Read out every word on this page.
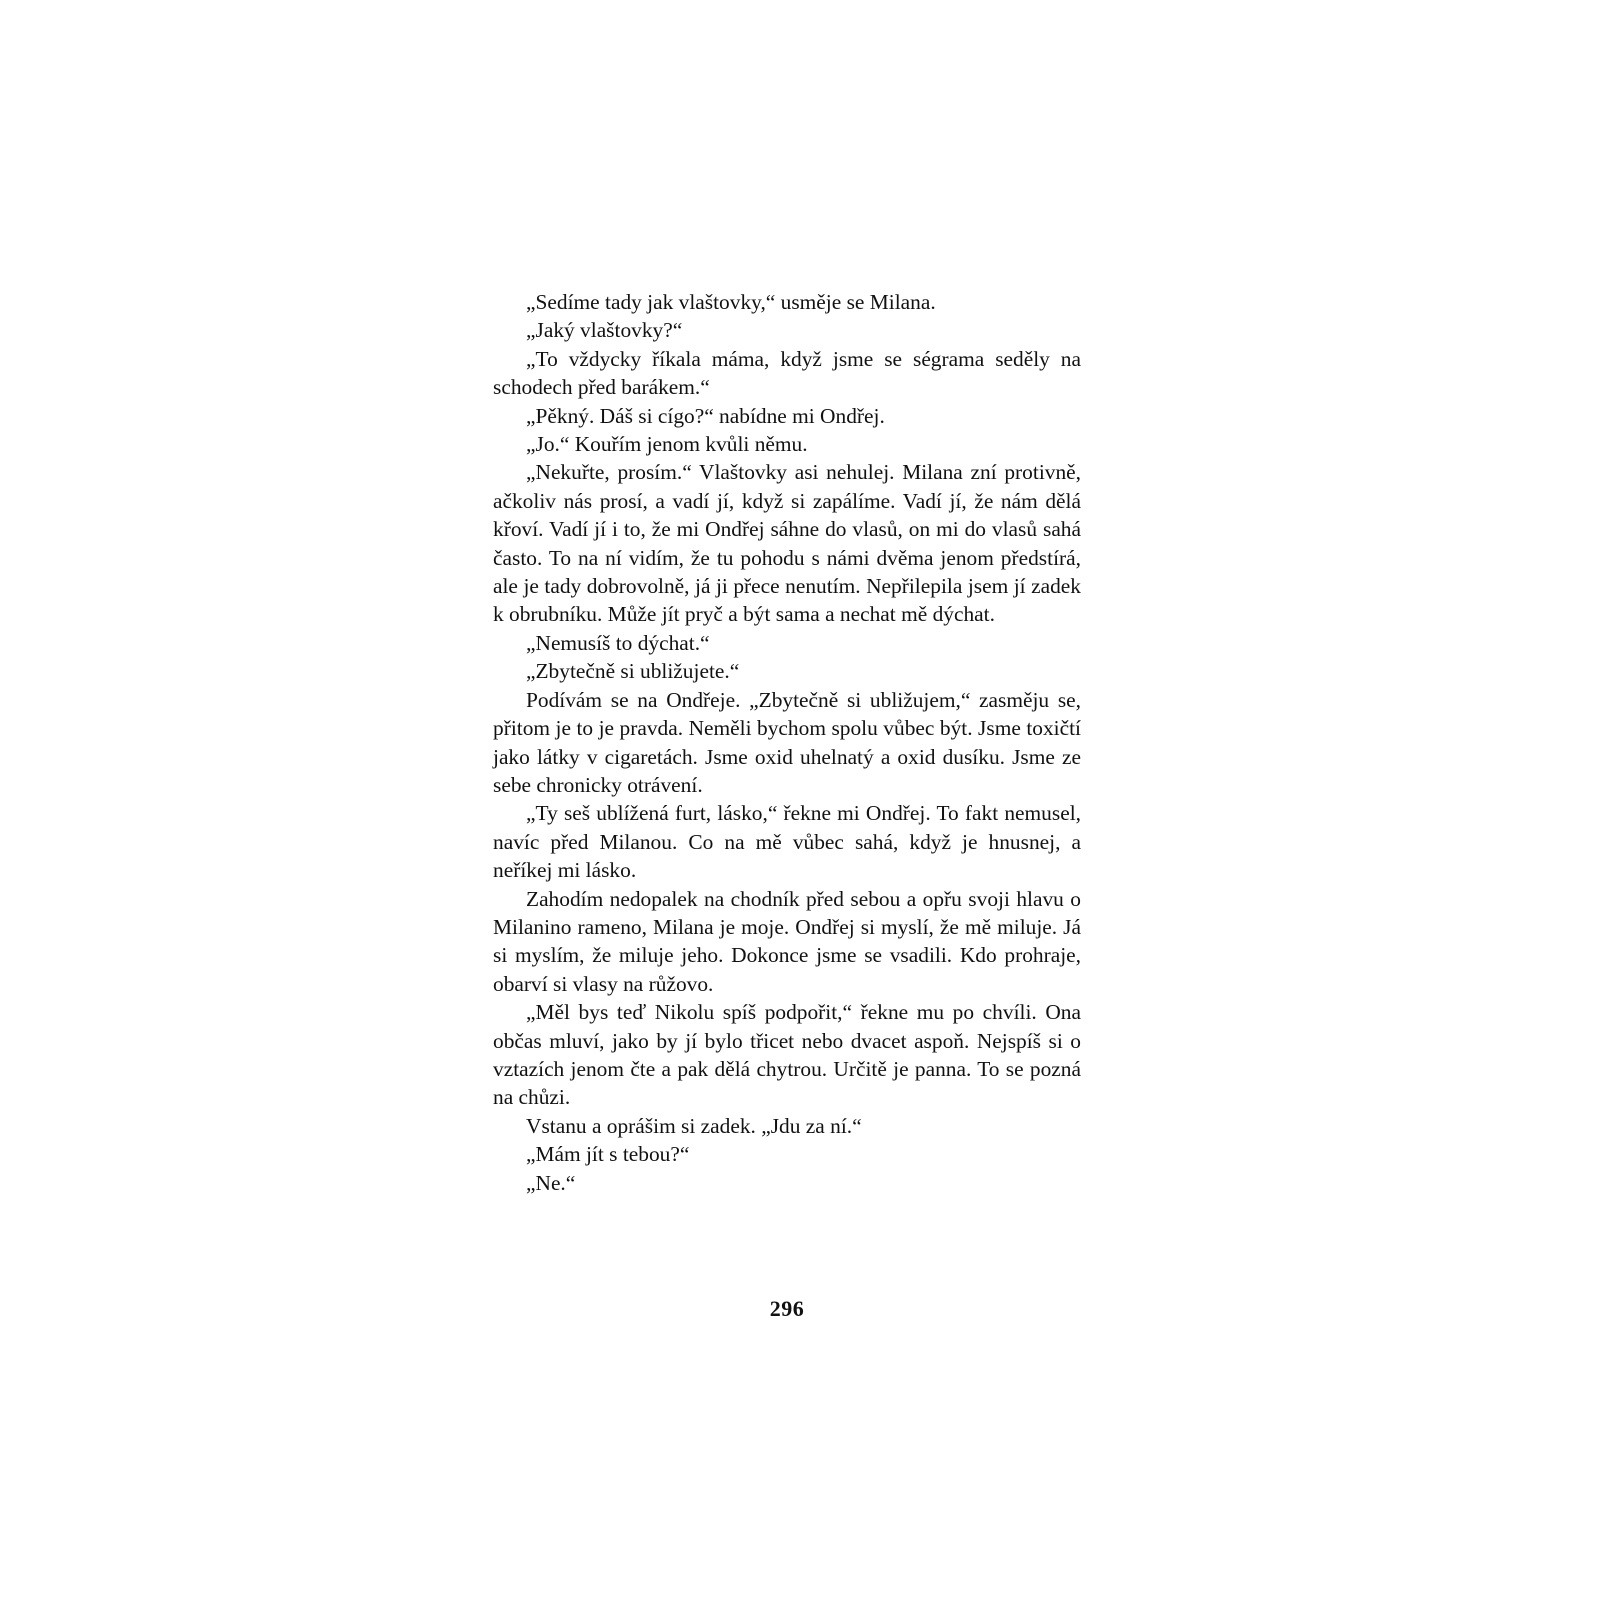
„Sedíme tady jak vlaštovky,“ usměje se Milana.

„Jaký vlaštovky?“

„To vždycky říkala máma, když jsme se ségrama seděly na schodech před barákem.“

„Pěkný. Dáš si cígo?“ nabídne mi Ondřej.

„Jo.“ Kouřím jenom kvůli němu.

„Nekuřte, prosím.“ Vlaštovky asi nehulej. Milana zní protivně, ačkoliv nás prosí, a vadí jí, když si zapálíme. Vadí jí, že nám dělá křoví. Vadí jí i to, že mi Ondřej sáhne do vlasů, on mi do vlasů sahá často. To na ní vidím, že tu pohodu s námi dvěma jenom předstírá, ale je tady dobrovolně, já ji přece nenutím. Nepřilepila jsem jí zadek k obrubníku. Může jít pryč a být sama a nechat mě dýchat.

„Nemusíš to dýchat.“

„Zbytečně si ubližujete.“

Podívám se na Ondřeje. „Zbytečně si ubližujem,“ zasměju se, přitom je to je pravda. Neměli bychom spolu vůbec být. Jsme toxičtí jako látky v cigaretách. Jsme oxid uhelnatý a oxid dusíku. Jsme ze sebe chronicky otrávení.

„Ty seš ublížená furt, lásko,“ řekne mi Ondřej. To fakt nemusel, navíc před Milanou. Co na mě vůbec sahá, když je hnusnej, a neříkej mi lásko.

Zahodím nedopalek na chodník před sebou a opřu svoji hlavu o Milanino rameno, Milana je moje. Ondřej si myslí, že mě miluje. Já si myslím, že miluje jeho. Dokonce jsme se vsadili. Kdo prohraje, obarví si vlasy na růžovo.

„Měl bys teď Nikolu spíš podpořit,“ řekne mu po chvíli. Ona občas mluví, jako by jí bylo třicet nebo dvacet aspoň. Nejspíš si o vztazích jenom čte a pak dělá chytrou. Určitě je panna. To se pozná na chůzi.

Vstanu a oprášim si zadek. „Jdu za ní.“

„Mám jít s tebou?“

„Ne.“

296
